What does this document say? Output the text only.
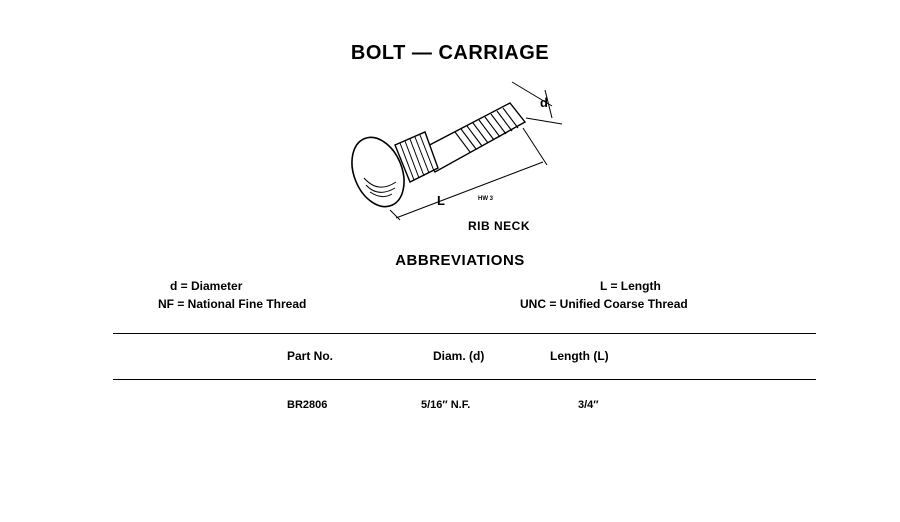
BOLT — CARRIAGE
d
L	HW 3
RIB NECK
ABBREVIATIONS
d = Diameter
NF = National Fine Thread
L = Length
UNC = Unified Coarse Thread
Part No.	Diam. (d)	Length (L)
BR2806	5/16″ N.F.	3/4″
